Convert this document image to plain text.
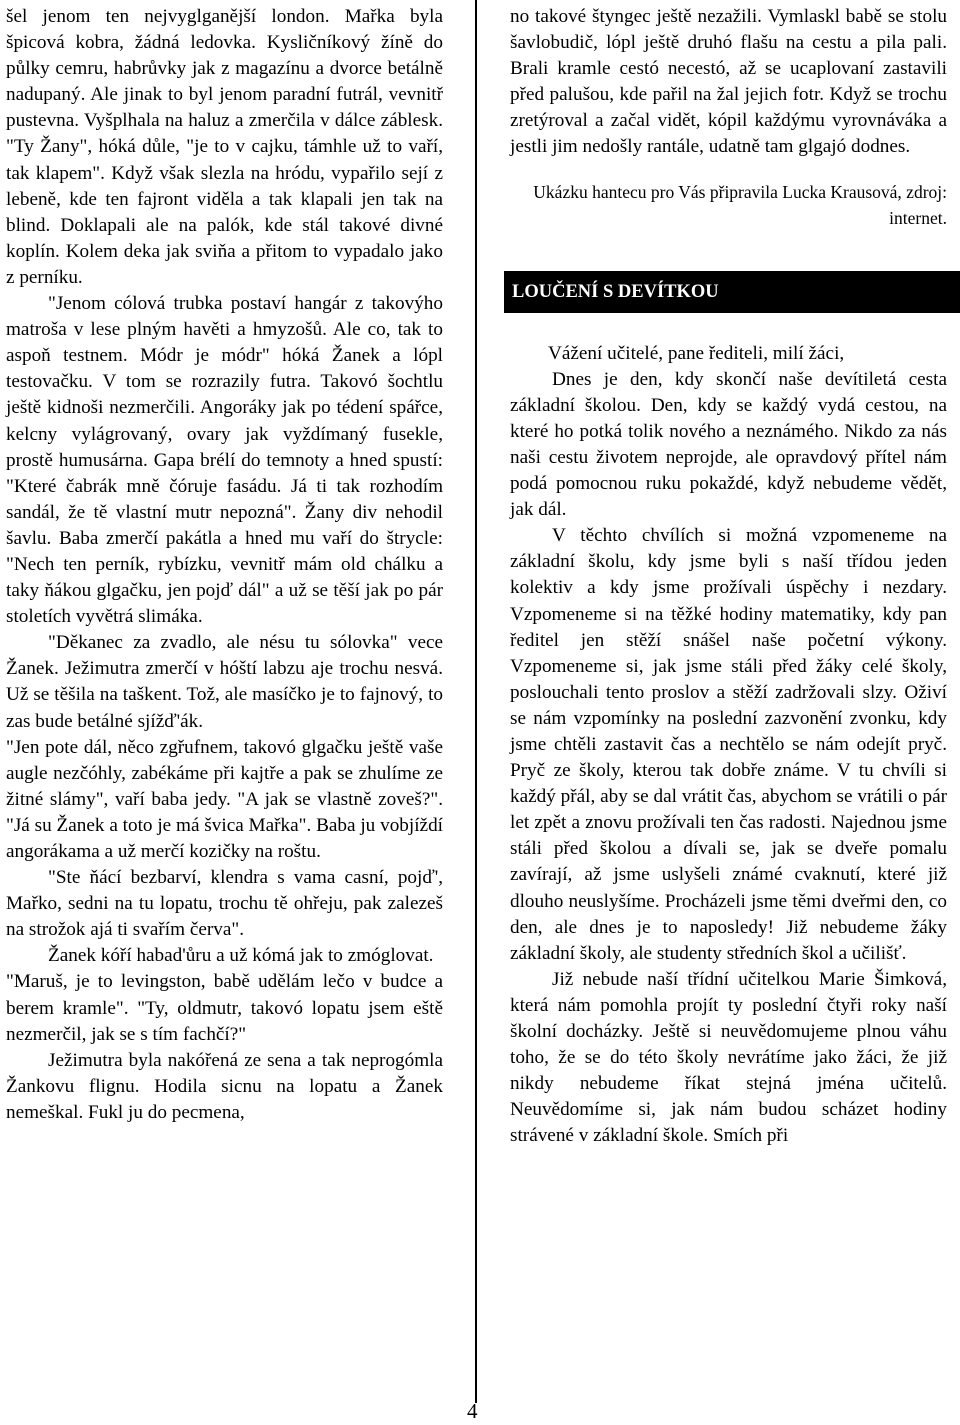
šel jenom ten nejvyglganější london. Mařka byla špicová kobra, žádná ledovka. Kysličníkový žíně do půlky cemru, habrůvky jak z magazínu a dvorce betálně nadupaný. Ale jinak to byl jenom paradní futrál, vevnitř pustevna. Vyšplhala na haluz a zmerčila v dálce záblesk. "Ty Žany", hóká důle, "je to v cajku, támhle už to vaří, tak klapem". Když však slezla na hródu, vypařilo sejí z lebeně, kde ten fajront viděla a tak klapali jen tak na blind. Doklapali ale na palók, kde stál takové divné koplín. Kolem deka jak sviňa a přitom to vypadalo jako z perníku.
"Jenom cólová trubka postaví hangár z takovýho matroša v lese plným havěti a hmyzošů. Ale co, tak to aspoň testnem. Módr je módr" hóká Žanek a lópl testovačku. V tom se rozrazily futra. Takovó šochtlu ještě kidnoši nezmerčili. Angoráky jak po tédení spářce, kelcny vylágrovaný, ovary jak vyždímaný fusekle, prostě humusárna. Gapa brélí do temnoty a hned spustí: "Které čabrák mně čóruje fasádu. Já ti tak rozhodím sandál, že tě vlastní mutr nepozná". Žany div nehodil šavlu. Baba zmerčí pakátla a hned mu vaří do štrycle: "Nech ten perník, rybízku, vevnitř mám old chálku a taky ňákou glgačku, jen pojď dál" a už se těší jak po pár stoletích vyvětrá slimáka.
"Děkanec za zvadlo, ale nésu tu sólovka" vece Žanek. Ježimutra zmerčí v hóští labzu aje trochu nesvá. Už se těšila na taškent. Tož, ale masíčko je to fajnový, to zas bude betálné sjížď'ák.
"Jen pote dál, něco zgřufnem, takovó glgačku ještě vaše augle nezčóhly, zabékáme při kajtře a pak se zhulíme ze žitné slámy", vaří baba jedy. "A jak se vlastně zoveš?". "Já su Žanek a toto je má švica Mařka". Baba ju vobjíždí angorákama a už merčí kozičky na roštu.
"Ste ňácí bezbarví, klendra s vama casní, pojď', Mařko, sedni na tu lopatu, trochu tě ohřeju, pak zalezeš na strožok ajá ti svařím červa".
Žanek kóří habad'ůru a už kómá jak to zmóglovat.
"Maruš, je to levingston, babě udělám lečo v budce a berem kramle". "Ty, oldmutr, takovó lopatu jsem eště nezmerčil, jak se s tím fachčí?"
Ježimutra byla nakóřená ze sena a tak neprogómla Žankovu flignu. Hodila sicnu na lopatu a Žanek nemeškal. Fukl ju do pecmena,
no takové štyngec ještě nezažili. Vymlaskl babě se stolu šavlobudič, lópl ještě druhó flašu na cestu a pila pali. Brali kramle cestó necestó, až se ucaplovaní zastavili před palušou, kde pařil na žal jejich fotr. Když se trochu zretýroval a začal vidět, kópil každýmu vyrovnáváka a jestli jim nedošly rantále, udatně tam glgajó dodnes.
Ukázku hantecu pro Vás připravila Lucka Krausová, zdroj: internet.
LOUČENÍ S DEVÍTKOU
Vážení učitelé, pane řediteli, milí žáci,
Dnes je den, kdy skončí naše devítiletá cesta základní školou. Den, kdy se každý vydá cestou, na které ho potká tolik nového a neznámého. Nikdo za nás naši cestu životem neprojde, ale opravdový přítel nám podá pomocnou ruku pokaždé, když nebudeme vědět, jak dál.
V těchto chvílích si možná vzpomeneme na základní školu, kdy jsme byli s naší třídou jeden kolektiv a kdy jsme prožívali úspěchy i nezdary. Vzpomeneme si na těžké hodiny matematiky, kdy pan ředitel jen stěží snášel naše početní výkony. Vzpomeneme si, jak jsme stáli před žáky celé školy, poslouchali tento proslov a stěží zadržovali slzy. Oživí se nám vzpomínky na poslední zazvonění zvonku, kdy jsme chtěli zastavit čas a nechtělo se nám odejít pryč. Pryč ze školy, kterou tak dobře známe. V tu chvíli si každý přál, aby se dal vrátit čas, abychom se vrátili o pár let zpět a znovu prožívali ten čas radosti. Najednou jsme stáli před školou a dívali se, jak se dveře pomalu zavírají, až jsme uslyšeli známé cvaknutí, které již dlouho neuslyšíme. Procházeli jsme těmi dveřmi den, co den, ale dnes je to naposledy! Již nebudeme žáky základní školy, ale studenty středních škol a učilišť.
Již nebude naší třídní učitelkou Marie Šimková, která nám pomohla projít ty poslední čtyři roky naší školní docházky. Ještě si neuvědomujeme plnou váhu toho, že se do této školy nevrátíme jako žáci, že již nikdy nebudeme říkat stejná jména učitelů. Neuvědomíme si, jak nám budou scházet hodiny strávené v základní škole. Smích při
4
